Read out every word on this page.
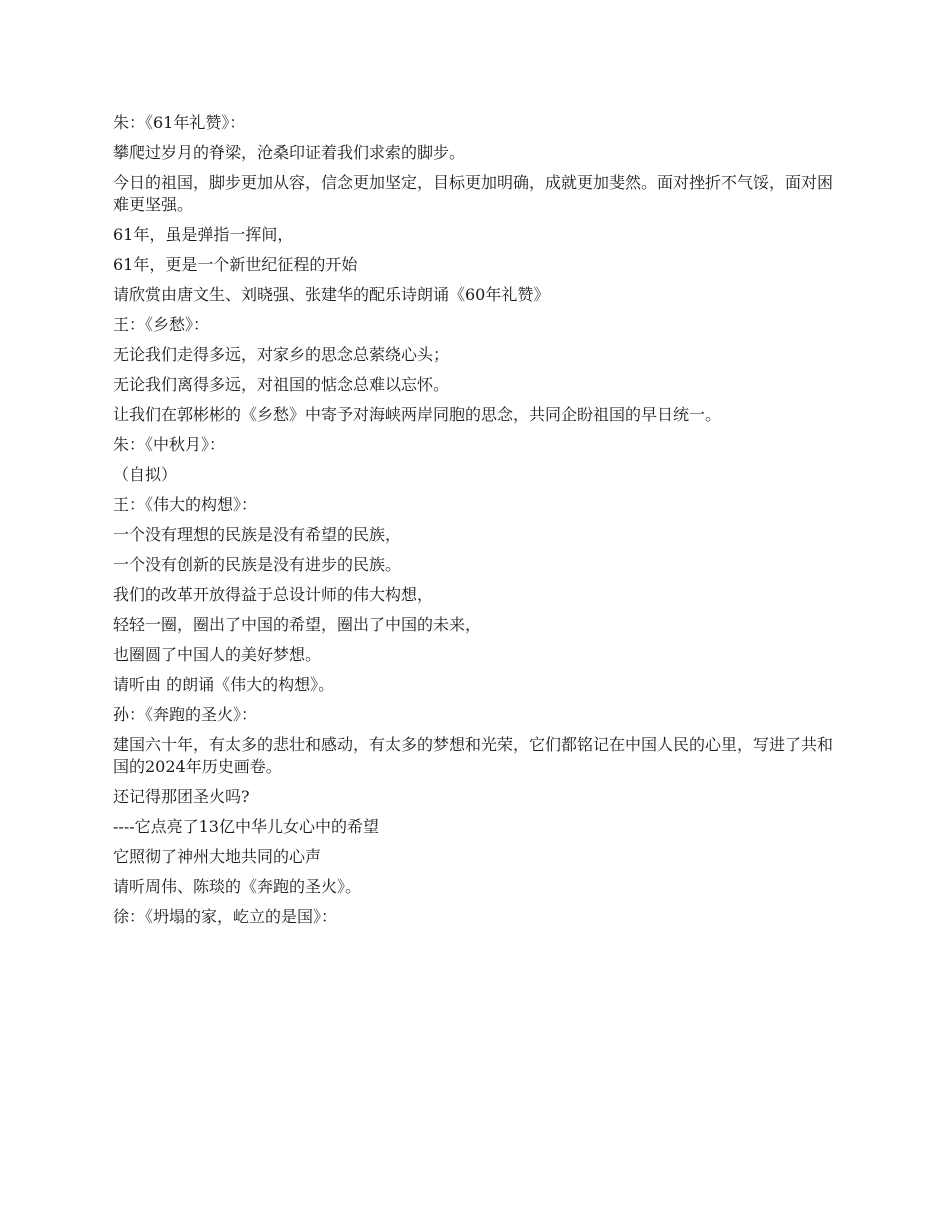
朱：《61年礼赞》：

攀爬过岁月的脊梁，沧桑印证着我们求索的脚步。

今日的祖国，脚步更加从容，信念更加坚定，目标更加明确，成就更加斐然。面对挫折不气馁，面对困难更坚强。

61年，虽是弹指一挥间，

61年，更是一个新世纪征程的开始

请欣赏由唐文生、刘晓强、张建华的配乐诗朗诵《60年礼赞》

王：《乡愁》：

无论我们走得多远，对家乡的思念总萦绕心头；

无论我们离得多远，对祖国的惦念总难以忘怀。

让我们在郭彬彬的《乡愁》中寄予对海峡两岸同胞的思念，共同企盼祖国的早日统一。

朱：《中秋月》：

（自拟）

王：《伟大的构想》：

一个没有理想的民族是没有希望的民族，

一个没有创新的民族是没有进步的民族。

我们的改革开放得益于总设计师的伟大构想，

轻轻一圈，圈出了中国的希望，圈出了中国的未来，

也圈圆了中国人的美好梦想。

请听由 的朗诵《伟大的构想》。

孙：《奔跑的圣火》：

建国六十年，有太多的悲壮和感动，有太多的梦想和光荣，它们都铭记在中国人民的心里，写进了共和国的2024年历史画卷。

还记得那团圣火吗?

----它点亮了13亿中华儿女心中的希望

它照彻了神州大地共同的心声

请听周伟、陈琰的《奔跑的圣火》。

徐：《坍塌的家，屹立的是国》：
